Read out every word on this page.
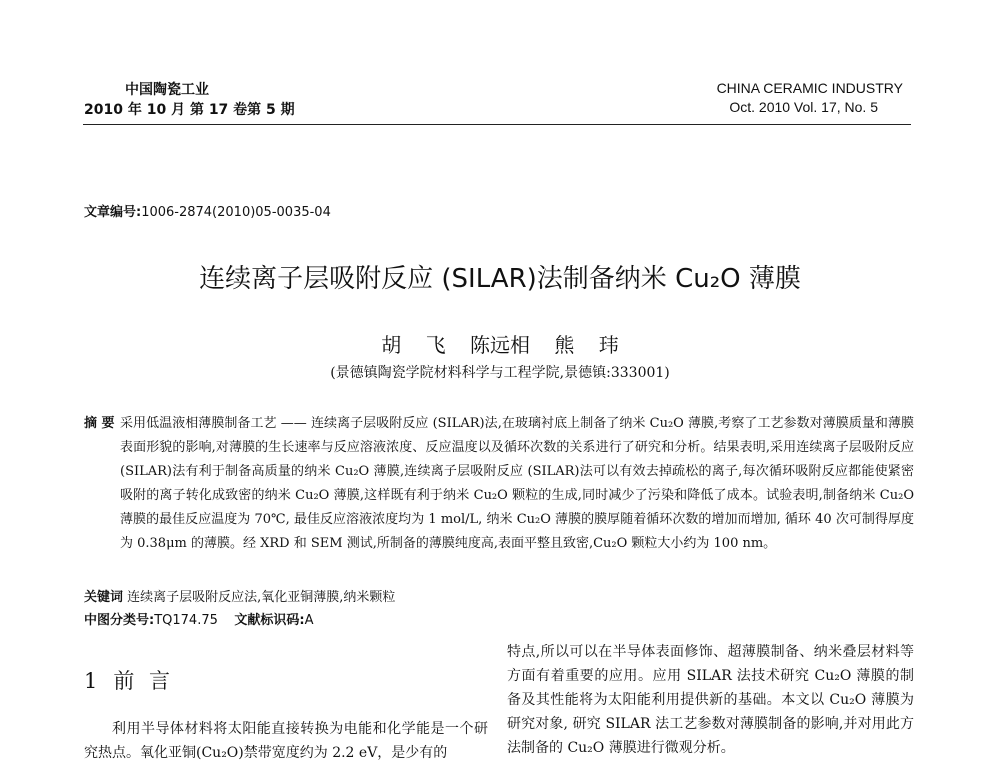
中国陶瓷工业
2010 年 10 月 第 17 卷第 5 期
CHINA CERAMIC INDUSTRY
Oct. 2010 Vol. 17, No. 5
文章编号:1006-2874(2010)05-0035-04
连续离子层吸附反应 (SILAR)法制备纳米 Cu₂O 薄膜
胡 飞 陈远相 熊 玮
(景德镇陶瓷学院材料科学与工程学院,景德镇:333001)
摘 要 采用低温液相薄膜制备工艺 —— 连续离子层吸附反应 (SILAR)法,在玻璃衬底上制备了纳米 Cu₂O 薄膜,考察了工艺参数对薄膜质量和薄膜表面形貌的影响,对薄膜的生长速率与反应溶液浓度、反应温度以及循环次数的关系进行了研究和分析。结果表明,采用连续离子层吸附反应(SILAR)法有利于制备高质量的纳米 Cu₂O 薄膜,连续离子层吸附反应 (SILAR)法可以有效去掉疏松的离子,每次循环吸附反应都能使紧密吸附的离子转化成致密的纳米 Cu₂O 薄膜,这样既有利于纳米 Cu₂O 颗粒的生成,同时减少了污染和降低了成本。试验表明,制备纳米 Cu₂O 薄膜的最佳反应温度为 70℃, 最佳反应溶液浓度均为 1 mol/L, 纳米 Cu₂O 薄膜的膜厚随着循环次数的增加而增加, 循环 40 次可制得厚度为 0.38μm 的薄膜。经 XRD 和 SEM 测试,所制备的薄膜纯度高,表面平整且致密,Cu₂O 颗粒大小约为 100 nm。
关键词 连续离子层吸附反应法,氧化亚铜薄膜,纳米颗粒
中图分类号:TQ174.75 文献标识码:A
1 前 言
利用半导体材料将太阳能直接转换为电能和化学能是一个研究热点。氧化亚铜(Cu₂O)禁带宽度约为 2.2 eV，是少有的
特点,所以可以在半导体表面修饰、超薄膜制备、纳米叠层材料等方面有着重要的应用。应用 SILAR 法技术研究 Cu₂O 薄膜的制备及其性能将为太阳能利用提供新的基础。本文以 Cu₂O 薄膜为研究对象, 研究 SILAR 法工艺参数对薄膜制备的影响,并对用此方法制备的 Cu₂O 薄膜进行微观分析。
